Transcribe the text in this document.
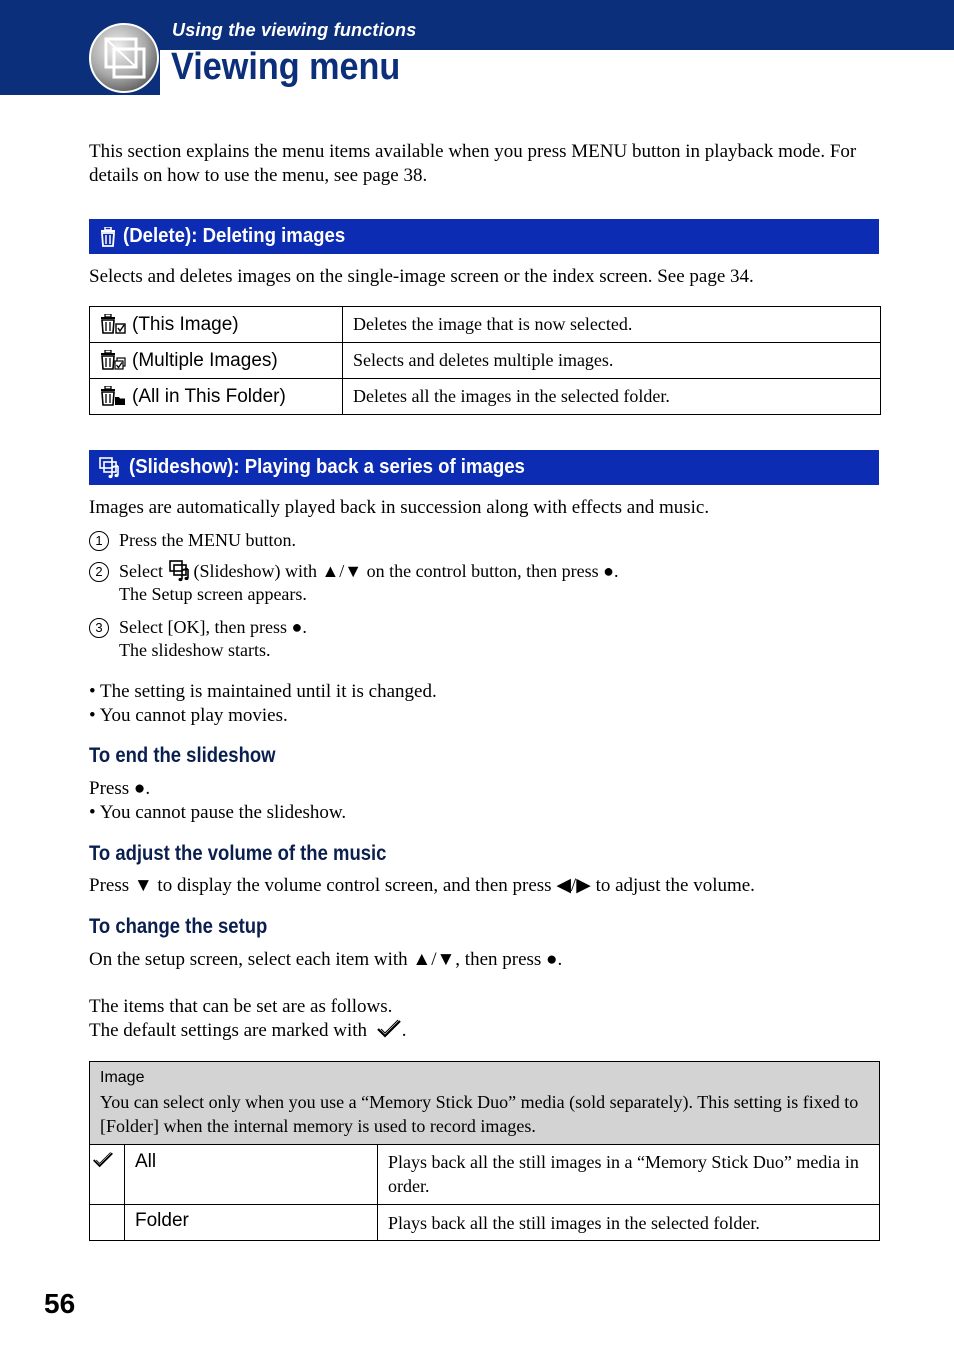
Using the viewing functions
Viewing menu
This section explains the menu items available when you press MENU button in playback mode. For details on how to use the menu, see page 38.
(Delete): Deleting images
Selects and deletes images on the single-image screen or the index screen. See page 34.
(This Image)	Deletes the image that is now selected.
(Multiple Images)	Selects and deletes multiple images.
(All in This Folder)	Deletes all the images in the selected folder.
(Slideshow): Playing back a series of images
Images are automatically played back in succession along with effects and music.
1 Press the MENU button.
2 Select (Slideshow) with ▲/▼ on the control button, then press ●.
The Setup screen appears.
3 Select [OK], then press ●.
The slideshow starts.
• The setting is maintained until it is changed.
• You cannot play movies.
To end the slideshow
Press ●.
• You cannot pause the slideshow.
To adjust the volume of the music
Press ▼ to display the volume control screen, and then press ◀/▶ to adjust the volume.
To change the setup
On the setup screen, select each item with ▲/▼, then press ●.
The items that can be set are as follows.
The default settings are marked with .
Image
You can select only when you use a “Memory Stick Duo” media (sold separately). This setting is fixed to [Folder] when the internal memory is used to record images.		

	All	Plays back all the still images in a “Memory Stick Duo” media in order.
	Folder	Plays back all the still images in the selected folder.
56
